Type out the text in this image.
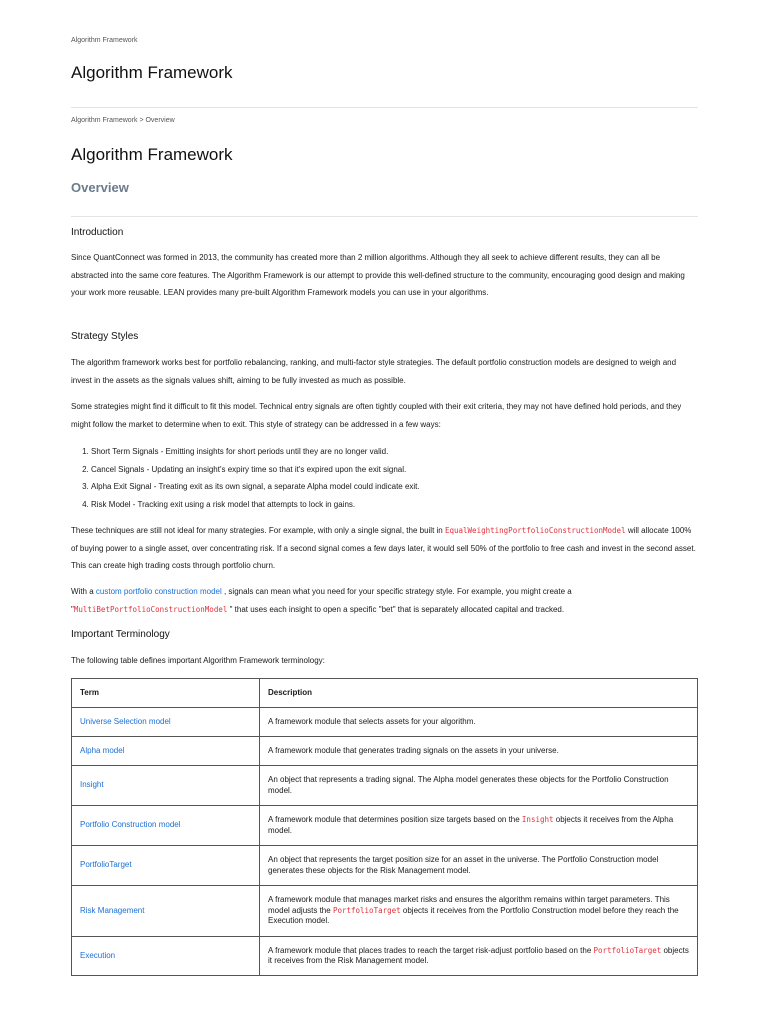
Algorithm Framework
Algorithm Framework
Algorithm Framework > Overview
Algorithm Framework
Overview
Introduction

Since QuantConnect was formed in 2013, the community has created more than 2 million algorithms. Although they all seek to achieve different results, they can all be abstracted into the same core features. The Algorithm Framework is our attempt to provide this well-defined structure to the community, encouraging good design and making your work more reusable. LEAN provides many pre-built Algorithm Framework models you can use in your algorithms.

Strategy Styles

The algorithm framework works best for portfolio rebalancing, ranking, and multi-factor style strategies. The default portfolio construction models are designed to weigh and invest in the assets as the signals values shift, aiming to be fully invested as much as possible.

Some strategies might find it difficult to fit this model. Technical entry signals are often tightly coupled with their exit criteria, they may not have defined hold periods, and they might follow the market to determine when to exit. This style of strategy can be addressed in a few ways:

1. Short Term Signals - Emitting insights for short periods until they are no longer valid.
2. Cancel Signals - Updating an insight's expiry time so that it's expired upon the exit signal.
3. Alpha Exit Signal - Treating exit as its own signal, a separate Alpha model could indicate exit.
4. Risk Model - Tracking exit using a risk model that attempts to lock in gains.

These techniques are still not ideal for many strategies. For example, with only a single signal, the built in EqualWeightingPortfolioConstructionModel will allocate 100% of buying power to a single asset, over concentrating risk. If a second signal comes a few days later, it would sell 50% of the portfolio to free cash and invest in the second asset. This can create high trading costs through portfolio churn.

With a custom portfolio construction model , signals can mean what you need for your specific strategy style. For example, you might create a "MultiBetPortfolioConstructionModel " that uses each insight to open a specific "bet" that is separately allocated capital and tracked.

Important Terminology

The following table defines important Algorithm Framework terminology:

Term	Description
Universe Selection model	A framework module that selects assets for your algorithm.
Alpha model	A framework module that generates trading signals on the assets in your universe.
Insight	An object that represents a trading signal. The Alpha model generates these objects for the Portfolio Construction model.
Portfolio Construction model	A framework module that determines position size targets based on the Insight objects it receives from the Alpha model.
PortfolioTarget	An object that represents the target position size for an asset in the universe. The Portfolio Construction model generates these objects for the Risk Management model.
Risk Management	A framework module that manages market risks and ensures the algorithm remains within target parameters. This model adjusts the PortfolioTarget objects it receives from the Portfolio Construction model before they reach the Execution model.
Execution	A framework module that places trades to reach the target risk-adjust portfolio based on the PortfolioTarget objects it receives from the Risk Management model.
